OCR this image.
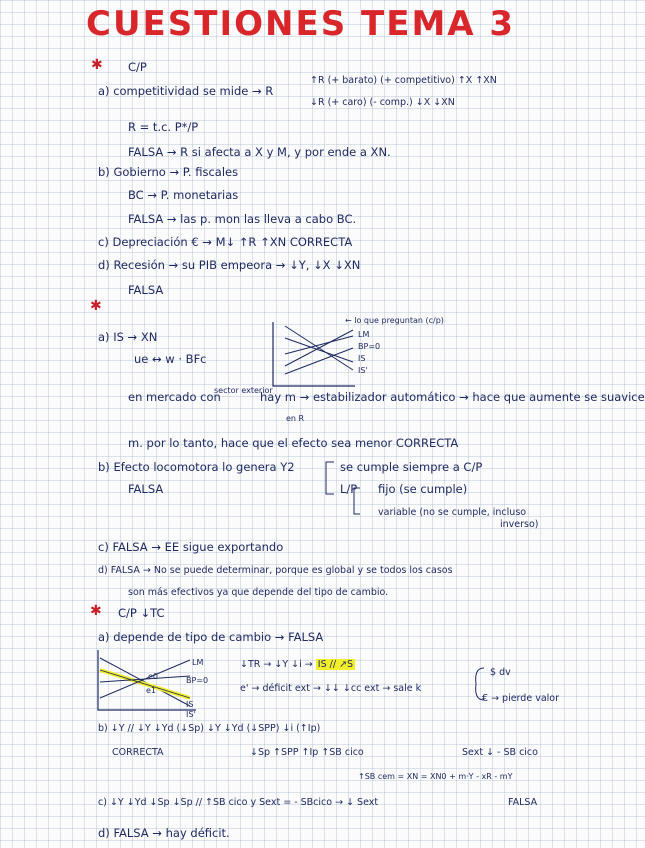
CUESTIONES TEMA 3
✱ C/P
a) competitividad se mide → R
↑R (+ barato) (+ competitivo) ↑X ↑XN
↓R (+ caro) (- comp.) ↓X ↓XN
R = t.c. P*/P
FALSA → R si afecta a X y M, y por ende a XN.
b) Gobierno → P. fiscales
BC → P. monetarias
FALSA → las p. mon las lleva a cabo BC.
c) Depreciación € → M↓ ↑R ↑XN CORRECTA
d) Recesión → su PIB empeora → ↓Y, ↓X ↓XN
FALSA
✱
a) IS → XN
ue ↔ w · BFc
← lo que preguntan (c/p)
LM
BP=0
IS
IS'
en mercado con
sector exterior
hay m → estabilizador automático → hace que aumente se suavice
en R
m. por lo tanto, hace que el efecto sea menor CORRECTA
b) Efecto locomotora lo genera Y2	se cumple siempre a C/P
FALSA	L/P fijo (se cumple)
variable (no se cumple, incluso
inverso)
c) FALSA → EE sigue exportando
d) FALSA → No se puede determinar, porque es global y se todos los casos
son más efectivos ya que depende del tipo de cambio.
✱ C/P ↓TC
a) depende de tipo de cambio → FALSA
LM
e0
e1
BP=0
IS
IS'
↓TR → ↓Y ↓i → IS // ↗S
e' → déficit ext → ↓↓ ↓cc ext → sale k
$ dv
€ → pierde valor
b) ↓Y // ↓Y ↓Yd (↓Sp) ↓Y ↓Yd (↓SPP) ↓i (↑Ip)
CORRECTA	↓Sp ↑SPP ↑Ip ↑SB cico	Sext ↓ - SB cico
↑SB cem = XN = XN0 + m·Y - xR - mY
c) ↓Y ↓Yd ↓Sp ↓Sp // ↑SB cico y Sext = - SBcico → ↓ Sext	FALSA
d) FALSA → hay déficit.
